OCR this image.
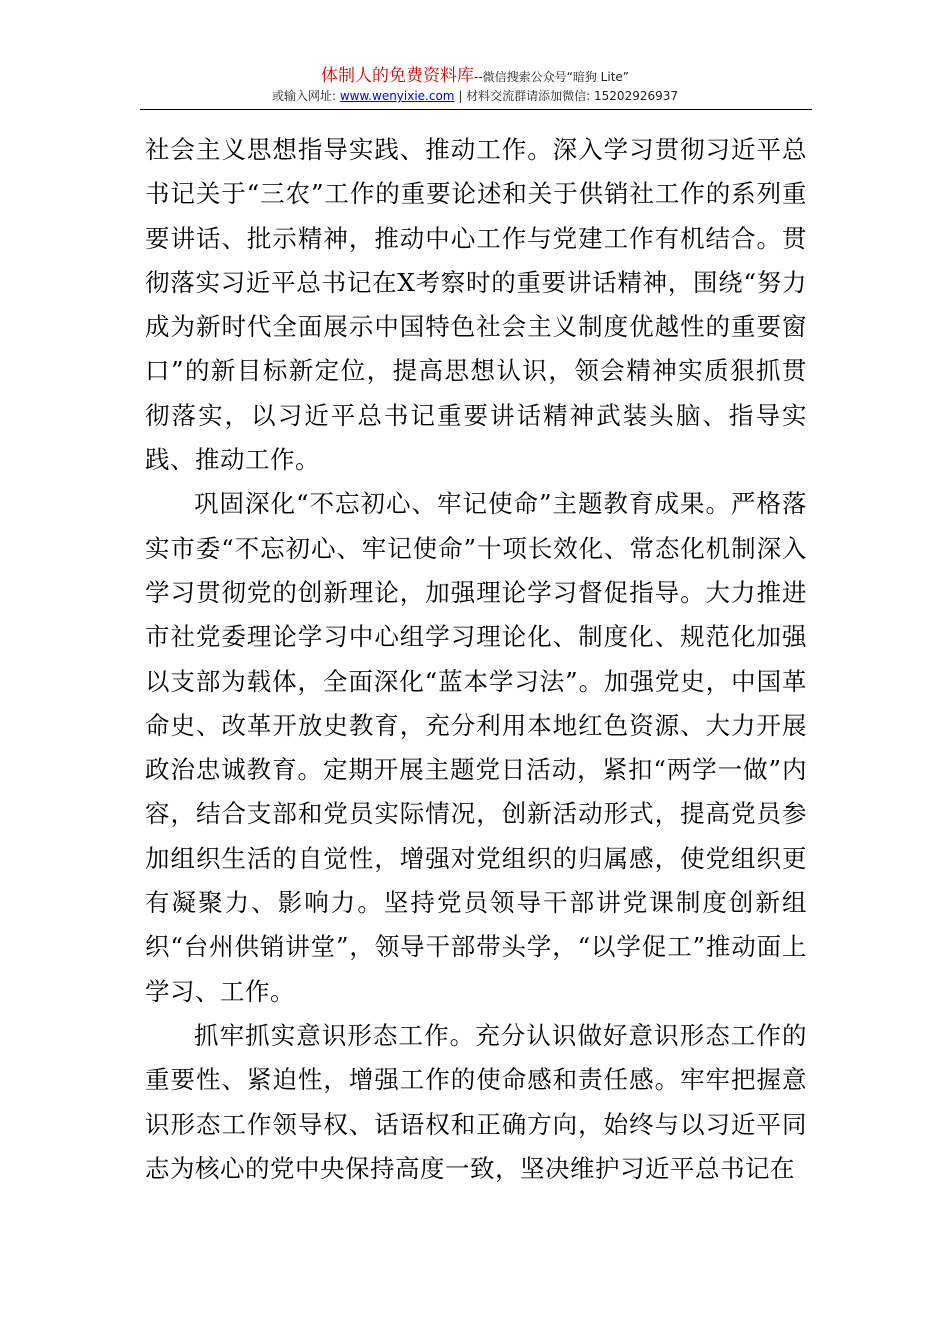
体制人的免费资料库--微信搜索公众号“暗狗 Lite”
或输入网址: www.wenyixie.com | 材料交流群请添加微信: 15202926937

社会主义思想指导实践、推动工作。深入学习贯彻习近平总书记关于“三农”工作的重要论述和关于供销社工作的系列重要讲话、批示精神，推动中心工作与党建工作有机结合。贯彻落实习近平总书记在X考察时的重要讲话精神，围绕“努力成为新时代全面展示中国特色社会主义制度优越性的重要窗口”的新目标新定位，提高思想认识，领会精神实质狠抓贯彻落实，以习近平总书记重要讲话精神武装头脑、指导实践、推动工作。

巩固深化“不忘初心、牢记使命”主题教育成果。严格落实市委“不忘初心、牢记使命”十项长效化、常态化机制深入学习贯彻党的创新理论，加强理论学习督促指导。大力推进市社党委理论学习中心组学习理论化、制度化、规范化加强以支部为载体，全面深化“蓝本学习法”。加强党史，中国革命史、改革开放史教育，充分利用本地红色资源、大力开展政治忠诚教育。定期开展主题党日活动，紧扣“两学一做”内容，结合支部和党员实际情况，创新活动形式，提高党员参加组织生活的自觉性，增强对党组织的归属感，使党组织更有凝聚力、影响力。坚持党员领导干部讲党课制度创新组织“台州供销讲堂”，领导干部带头学，“以学促工”推动面上学习、工作。

抓牢抓实意识形态工作。充分认识做好意识形态工作的重要性、紧迫性，增强工作的使命感和责任感。牢牢把握意识形态工作领导权、话语权和正确方向，始终与以习近平同志为核心的党中央保持高度一致，坚决维护习近平总书记在
